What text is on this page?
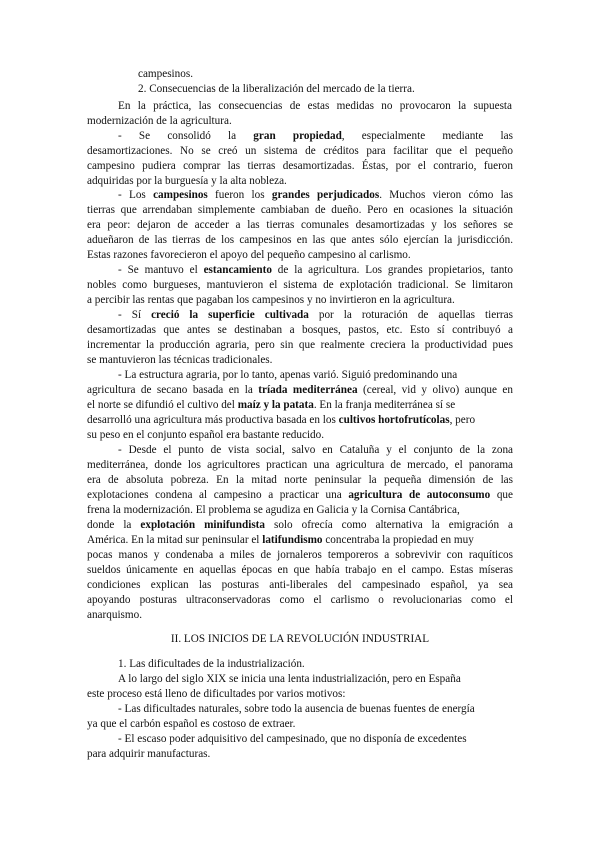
campesinos.
2. Consecuencias de la liberalización del mercado de la tierra.
En la práctica, las consecuencias de estas medidas no provocaron la supuesta
modernización de la agricultura.
- Se consolidó la gran propiedad, especialmente mediante las
desamortizaciones. No se creó un sistema de créditos para facilitar que el pequeño
campesino pudiera comprar las tierras desamortizadas. Éstas, por el contrario, fueron
adquiridas por la burguesía y la alta nobleza.
- Los campesinos fueron los grandes perjudicados. Muchos vieron cómo las
tierras que arrendaban simplemente cambiaban de dueño. Pero en ocasiones la situación
era peor: dejaron de acceder a las tierras comunales desamortizadas y los señores se
adueñaron de las tierras de los campesinos en las que antes sólo ejercían la jurisdicción.
Estas razones favorecieron el apoyo del pequeño campesino al carlismo.
- Se mantuvo el estancamiento de la agricultura. Los grandes propietarios, tanto
nobles como burgueses, mantuvieron el sistema de explotación tradicional. Se limitaron
a percibir las rentas que pagaban los campesinos y no invirtieron en la agricultura.
- Sí creció la superficie cultivada por la roturación de aquellas tierras
desamortizadas que antes se destinaban a bosques, pastos, etc. Esto sí contribuyó a
incrementar la producción agraria, pero sin que realmente creciera la productividad pues
se mantuvieron las técnicas tradicionales.
- La estructura agraria, por lo tanto, apenas varió. Siguió predominando una
agricultura de secano basada en la tríada mediterránea (cereal, vid y olivo) aunque en
el norte se difundió el cultivo del maíz y la patata. En la franja mediterránea sí se
desarrolló una agricultura más productiva basada en los cultivos hortofrutícolas, pero
su peso en el conjunto español era bastante reducido.
- Desde el punto de vista social, salvo en Cataluña y el conjunto de la zona
mediterránea, donde los agricultores practican una agricultura de mercado, el panorama
era de absoluta pobreza. En la mitad norte peninsular la pequeña dimensión de las
explotaciones condena al campesino a practicar una agricultura de autoconsumo que
frena la modernización. El problema se agudiza en Galicia y la Cornisa Cantábrica,
donde la explotación minifundista solo ofrecía como alternativa la emigración a
América. En la mitad sur peninsular el latifundismo concentraba la propiedad en muy
pocas manos y condenaba a miles de jornaleros temporeros a sobrevivir con raquíticos
sueldos únicamente en aquellas épocas en que había trabajo en el campo. Estas míseras
condiciones explican las posturas anti-liberales del campesinado español, ya sea
apoyando posturas ultraconservadoras como el carlismo o revolucionarias como el
anarquismo.
II. LOS INICIOS DE LA REVOLUCIÓN INDUSTRIAL
1. Las dificultades de la industrialización.
A lo largo del siglo XIX se inicia una lenta industrialización, pero en España
este proceso está lleno de dificultades por varios motivos:
- Las dificultades naturales, sobre todo la ausencia de buenas fuentes de energía
ya que el carbón español es costoso de extraer.
- El escaso poder adquisitivo del campesinado, que no disponía de excedentes
para adquirir manufacturas.
